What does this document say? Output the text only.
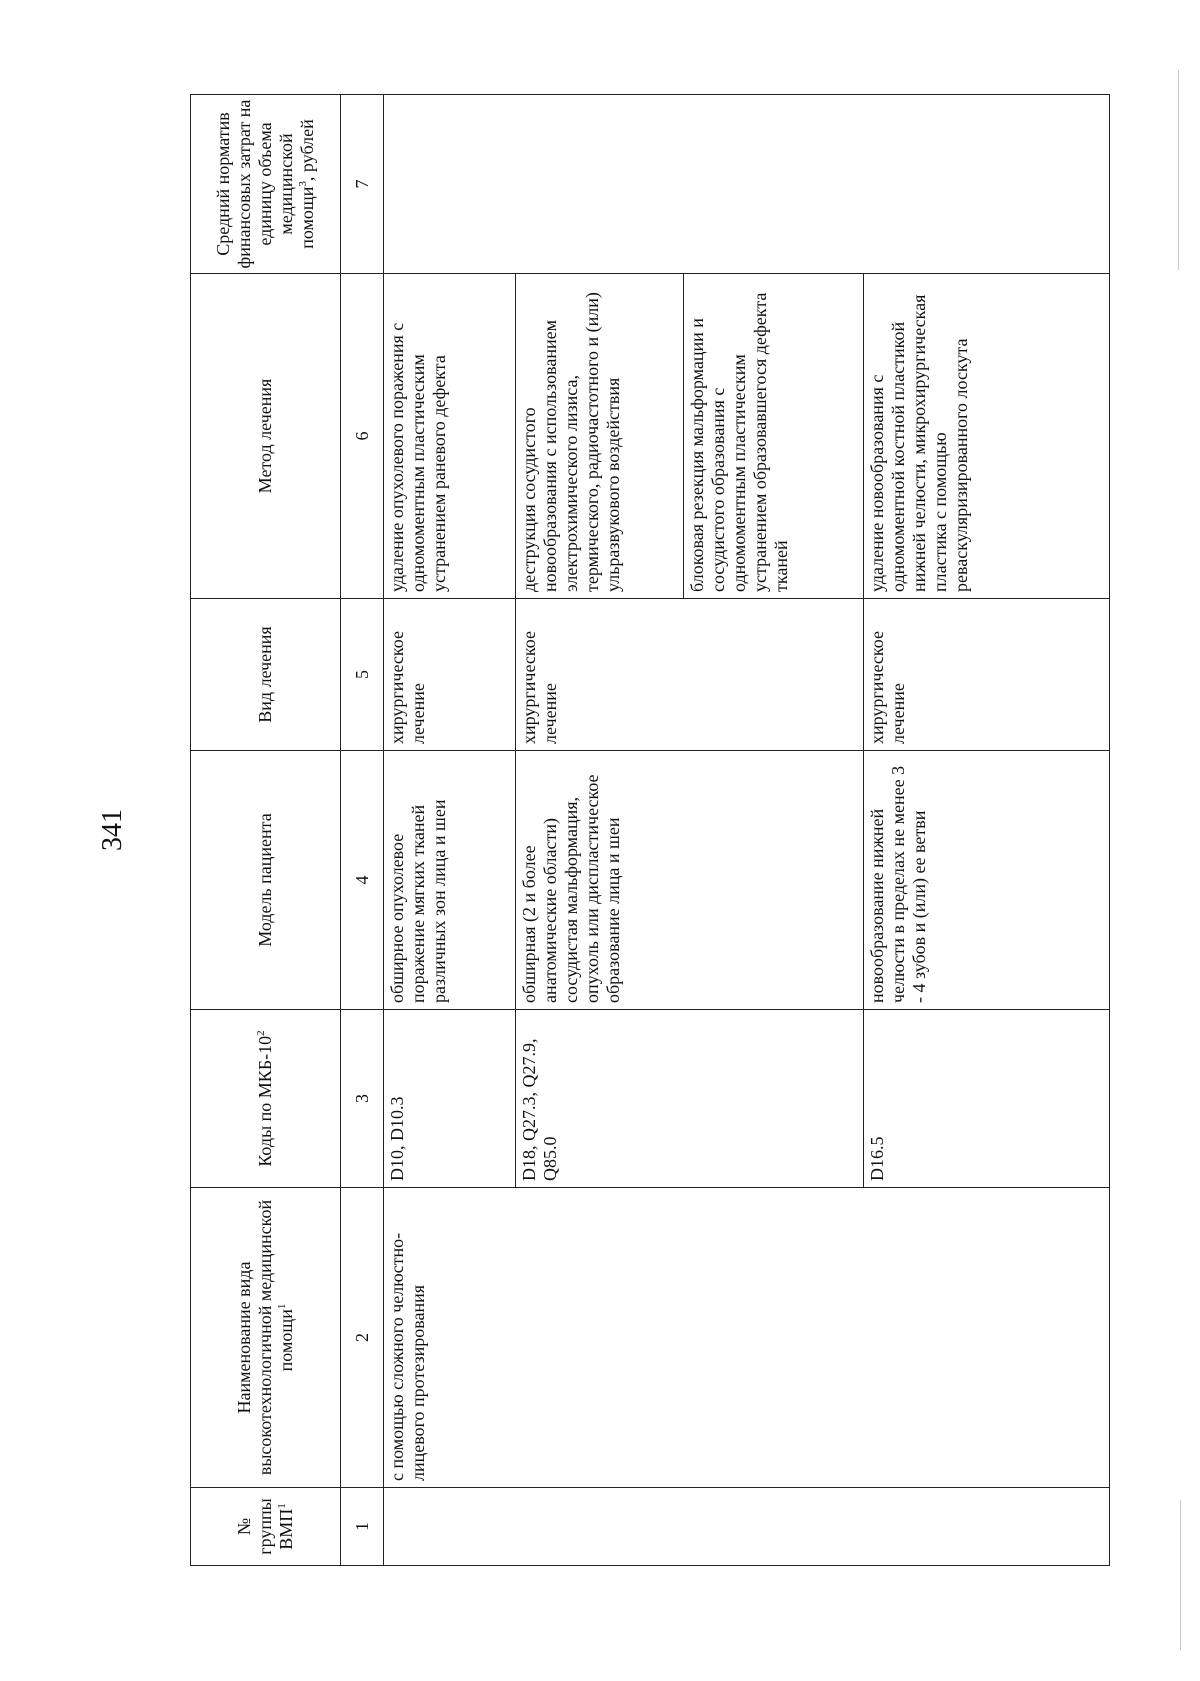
341
№ группы ВМП$^1$	Наименование вида высокотехнологичной медицинской помощи$^1$	Коды по МКБ-$10^2$	Модель пациента	Вид лечения	Метод лечения	Средний норматив финансовых затрат на единицу объема медицинской помощи$^3$, рублей
1	2	3	4	5	6	7
	с помощью сложного челюстно-лицевого протезирования	D10, D10.3	обширное опухолевое поражение мягких тканей различных зон лица и шеи	хирургическое лечение	удаление опухолевого поражения с одномоментным пластическим устранением раневого дефекта	
		D18, Q27.3, Q27.9, Q85.0	обширная (2 и более анатомические области) сосудистая мальформация, опухоль или диспластическое образование лица и шеи	хирургическое лечение	деструкция сосудистого новообразования с использованием электрохимического лизиса, термического, радиочастотного и (или) ульразвукового воздействия	
					блоковая резекция мальформации и сосудистого образования с одномоментным пластическим устранением образовавшегося дефекта тканей	
		D16.5	новообразование нижней челюсти в пределах не менее 3 - 4 зубов и (или) ее ветви	хирургическое лечение	удаление новообразования с одномоментной костной пластикой нижней челюсти, микрохирургическая пластика с помощью реваскуляризированного лоскута	
